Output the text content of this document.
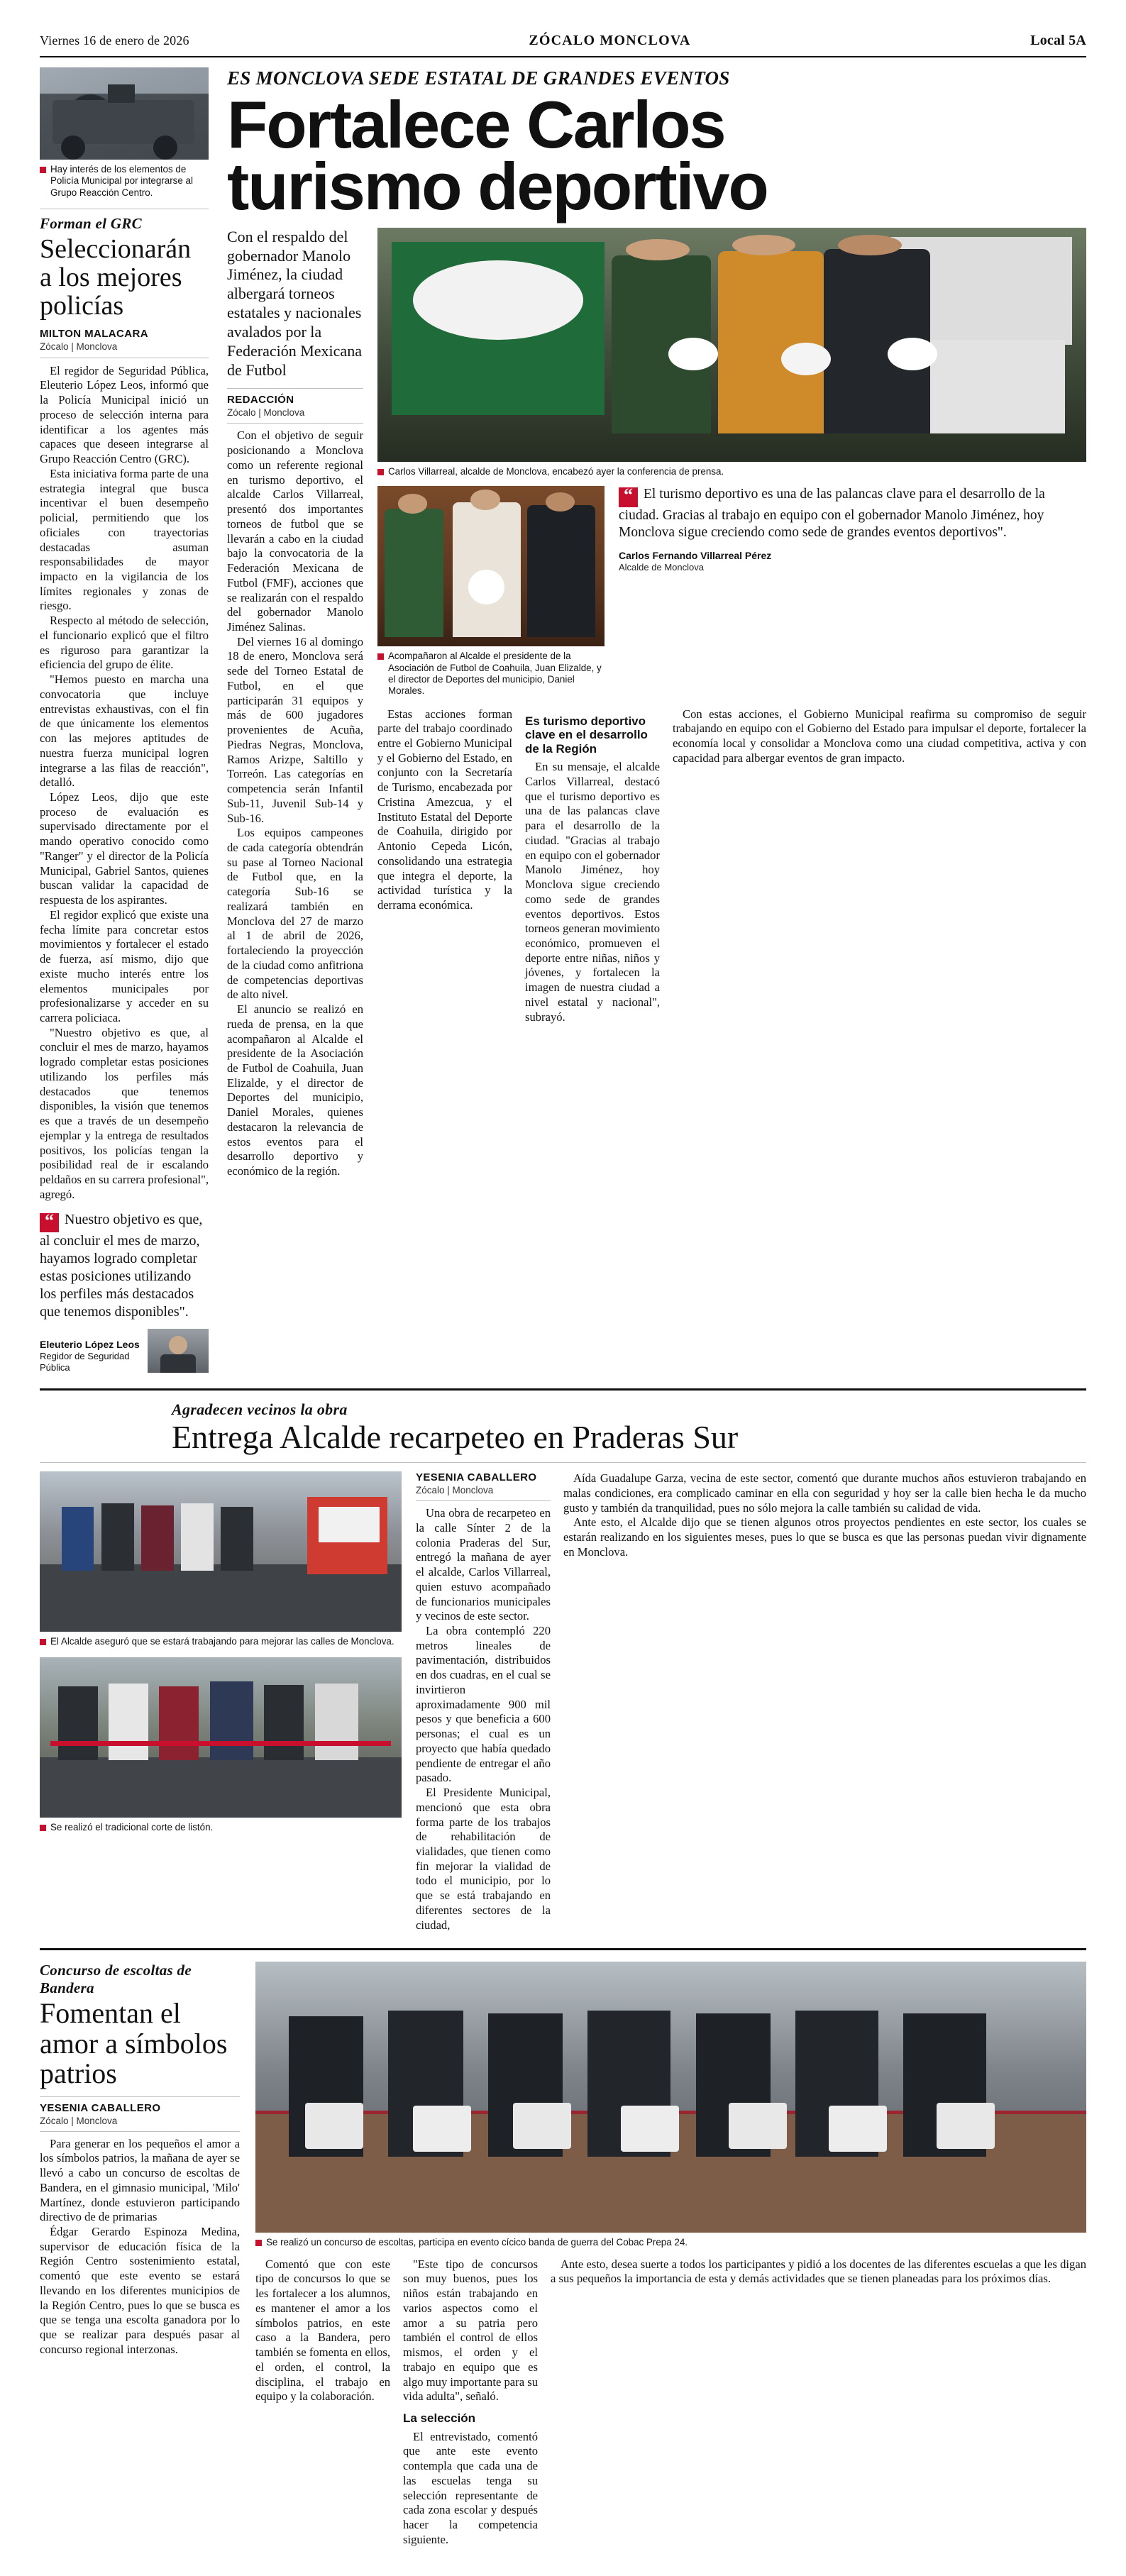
Viernes 16 de enero de 2026	ZÓCALO MONCLOVA	Local 5A
Hay interés de los elementos de Policía Municipal por integrarse al Grupo Reacción Centro.
Forman el GRC
Seleccionarán a los mejores policías
MILTON MALACARA
Zócalo | Monclova

El regidor de Seguridad Pública, Eleuterio López Leos, informó que la Policía Municipal inició un proceso de selección interna para identificar a los agentes más capaces que deseen integrarse al Grupo Reacción Centro (GRC).

Esta iniciativa forma parte de una estrategia integral que busca incentivar el buen desempeño policial, permitiendo que los oficiales con trayectorias destacadas asuman responsabilidades de mayor impacto en la vigilancia de los límites regionales y zonas de riesgo.

Respecto al método de selección, el funcionario explicó que el filtro es riguroso para garantizar la eficiencia del grupo de élite.

"Hemos puesto en marcha una convocatoria que incluye entrevistas exhaustivas, con el fin de que únicamente los elementos con las mejores aptitudes de nuestra fuerza municipal logren integrarse a las filas de reacción", detalló.

López Leos, dijo que este proceso de evaluación es supervisado directamente por el mando operativo conocido como "Ranger" y el director de la Policía Municipal, Gabriel Santos, quienes buscan validar la capacidad de respuesta de los aspirantes.

El regidor explicó que existe una fecha límite para concretar estos movimientos y fortalecer el estado de fuerza, así mismo, dijo que existe mucho interés entre los elementos municipales por profesionalizarse y acceder en su carrera policiaca.

"Nuestro objetivo es que, al concluir el mes de marzo, hayamos logrado completar estas posiciones utilizando los perfiles más destacados que tenemos disponibles, la visión que tenemos es que a través de un desempeño ejemplar y la entrega de resultados positivos, los policías tengan la posibilidad real de ir escalando peldaños en su carrera profesional", agregó.

“ Nuestro objetivo es que, al concluir el mes de marzo, hayamos logrado completar estas posiciones utilizando los perfiles más destacados que tenemos disponibles".
Eleuterio López Leos
Regidor de Seguridad Pública
ES MONCLOVA SEDE ESTATAL DE GRANDES EVENTOS
Fortalece Carlos
turismo deportivo
Con el respaldo del gobernador Manolo Jiménez, la ciudad albergará torneos estatales y nacionales avalados por la Federación Mexicana de Futbol
REDACCIÓN
Zócalo | Monclova

Con el objetivo de seguir posicionando a Monclova como un referente regional en turismo deportivo, el alcalde Carlos Villarreal, presentó dos importantes torneos de futbol que se llevarán a cabo en la ciudad bajo la convocatoria de la Federación Mexicana de Futbol (FMF), acciones que se realizarán con el respaldo del gobernador Manolo Jiménez Salinas.

Del viernes 16 al domingo 18 de enero, Monclova será sede del Torneo Estatal de Futbol, en el que participarán 31 equipos y más de 600 jugadores provenientes de Acuña, Piedras Negras, Monclova, Ramos Arizpe, Saltillo y Torreón. Las categorías en competencia serán Infantil Sub-11, Juvenil Sub-14 y Sub-16.

Los equipos campeones de cada categoría obtendrán su pase al Torneo Nacional de Futbol que, en la categoría Sub-16 se realizará también en Monclova del 27 de marzo al 1 de abril de 2026, fortaleciendo la proyección de la ciudad como anfitriona de competencias deportivas de alto nivel.

El anuncio se realizó en rueda de prensa, en la que acompañaron al Alcalde el presidente de la Asociación de Futbol de Coahuila, Juan Elizalde, y el director de Deportes del municipio, Daniel Morales, quienes destacaron la relevancia de estos eventos para el desarrollo deportivo y económico de la región.

Carlos Villarreal, alcalde de Monclova, encabezó ayer la conferencia de prensa.
Acompañaron al Alcalde el presidente de la Asociación de Futbol de Coahuila, Juan Elizalde, y el director de Deportes del municipio, Daniel Morales.
“ El turismo deportivo es una de las palancas clave para el desarrollo de la ciudad. Gracias al trabajo en equipo con el gobernador Manolo Jiménez, hoy Monclova sigue creciendo como sede de grandes eventos deportivos".
Carlos Fernando Villarreal Pérez
Alcalde de Monclova

Estas acciones forman parte del trabajo coordinado entre el Gobierno Municipal y el Gobierno del Estado, en conjunto con la Secretaría de Turismo, encabezada por Cristina Amezcua, y el Instituto Estatal del Deporte de Coahuila, dirigido por Antonio Cepeda Licón, consolidando una estrategia que integra el deporte, la actividad turística y la derrama económica.

Es turismo deportivo clave en el desarrollo de la Región

En su mensaje, el alcalde Carlos Villarreal, destacó que el turismo deportivo es una de las palancas clave para el desarrollo de la ciudad. "Gracias al trabajo en equipo con el gobernador Manolo Jiménez, hoy Monclova sigue creciendo como sede de grandes eventos deportivos. Estos torneos generan movimiento económico, promueven el deporte entre niñas, niños y jóvenes, y fortalecen la imagen de nuestra ciudad a nivel estatal y nacional", subrayó.

Con estas acciones, el Gobierno Municipal reafirma su compromiso de seguir trabajando en equipo con el Gobierno del Estado para impulsar el deporte, fortalecer la economía local y consolidar a Monclova como una ciudad competitiva, activa y con capacidad para albergar eventos de gran impacto.

Agradecen vecinos la obra
Entrega Alcalde recarpeteo en Praderas Sur
El Alcalde aseguró que se estará trabajando para mejorar las calles de Monclova.
Se realizó el tradicional corte de listón.
YESENIA CABALLERO
Zócalo | Monclova

Una obra de recarpeteo en la calle Sínter 2 de la colonia Praderas del Sur, entregó la mañana de ayer el alcalde, Carlos Villarreal, quien estuvo acompañado de funcionarios municipales y vecinos de este sector.

La obra contempló 220 metros lineales de pavimentación, distribuidos en dos cuadras, en el cual se invirtieron aproximadamente 900 mil pesos y que beneficia a 600 personas; el cual es un proyecto que había quedado pendiente de entregar el año pasado.

El Presidente Municipal, mencionó que esta obra forma parte de los trabajos de rehabilitación de vialidades, que tienen como fin mejorar la vialidad de todo el municipio, por lo que se está trabajando en diferentes sectores de la ciudad,

Aída Guadalupe Garza, vecina de este sector, comentó que durante muchos años estuvieron trabajando en malas condiciones, era complicado caminar en ella con seguridad y hoy ser la calle bien hecha le da mucho gusto y también da tranquilidad, pues no sólo mejora la calle también su calidad de vida.

Ante esto, el Alcalde dijo que se tienen algunos otros proyectos pendientes en este sector, los cuales se estarán realizando en los siguientes meses, pues lo que se busca es que las personas puedan vivir dignamente en Monclova.

Concurso de escoltas de Bandera
Fomentan el amor a símbolos patrios
YESENIA CABALLERO
Zócalo | Monclova

Para generar en los pequeños el amor a los símbolos patrios, la mañana de ayer se llevó a cabo un concurso de escoltas de Bandera, en el gimnasio municipal, 'Milo' Martínez, donde estuvieron participando directivo de de primarias

Édgar Gerardo Espinoza Medina, supervisor de educación física de la Región Centro sostenimiento estatal, comentó que este evento se estará llevando en los diferentes municipios de la Región Centro, pues lo que se busca es que se tenga una escolta ganadora por lo que se realizar para después pasar al concurso regional interzonas.

Se realizó un concurso de escoltas, participa en evento cícico banda de guerra del Cobac Prepa 24.

Comentó que con este tipo de concursos lo que se les fortalecer a los alumnos, es mantener el amor a los símbolos patrios, en este caso a la Bandera, pero también se fomenta en ellos, el orden, el control, la disciplina, el trabajo en equipo y la colaboración.

"Este tipo de concursos son muy buenos, pues los niños están trabajando en varios aspectos como el amor a su patria pero también el control de ellos mismos, el orden y el trabajo en equipo que es algo muy importante para su vida adulta", señaló.

La selección

El entrevistado, comentó que ante este evento contempla que cada una de las escuelas tenga su selección representante de cada zona escolar y después hacer la competencia siguiente.

Ante esto, desea suerte a todos los participantes y pidió a los docentes de las diferentes escuelas a que les digan a sus pequeños la importancia de esta y demás actividades que se tienen planeadas para los próximos días.
